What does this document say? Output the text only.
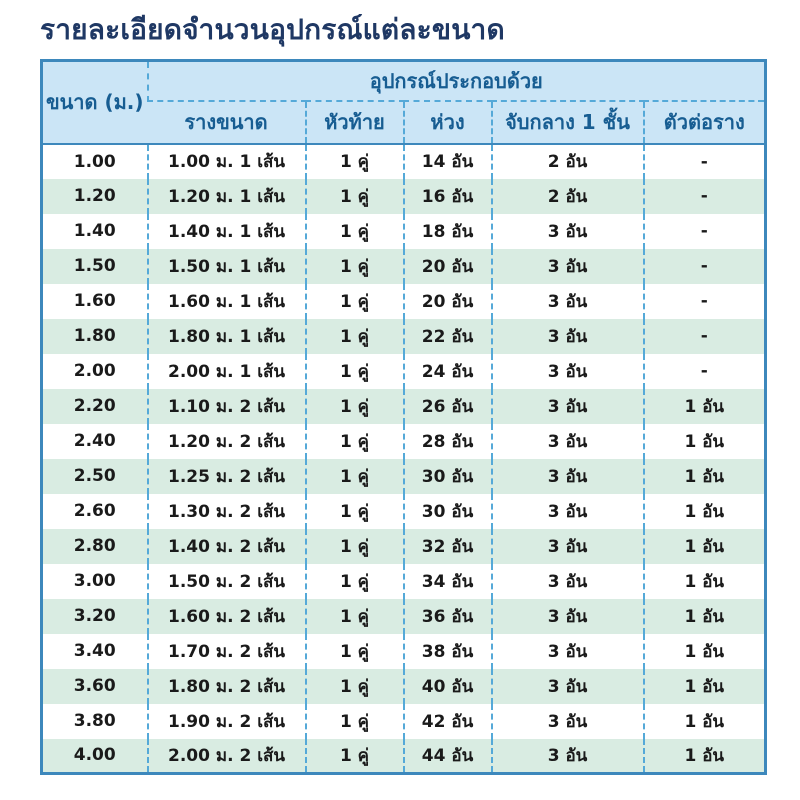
รายละเอียดจำนวนอุปกรณ์แต่ละขนาด
ขนาด (ม.)	อุปกรณ์ประกอบด้วย				
	รางขนาด	หัวท้าย	ห่วง	จับกลาง 1 ชั้น	ตัวต่อราง
1.00	1.00 ม. 1 เส้น	1 คู่	14 อัน	2 อัน	-
1.20	1.20 ม. 1 เส้น	1 คู่	16 อัน	2 อัน	-
1.40	1.40 ม. 1 เส้น	1 คู่	18 อัน	3 อัน	-
1.50	1.50 ม. 1 เส้น	1 คู่	20 อัน	3 อัน	-
1.60	1.60 ม. 1 เส้น	1 คู่	20 อัน	3 อัน	-
1.80	1.80 ม. 1 เส้น	1 คู่	22 อัน	3 อัน	-
2.00	2.00 ม. 1 เส้น	1 คู่	24 อัน	3 อัน	-
2.20	1.10 ม. 2 เส้น	1 คู่	26 อัน	3 อัน	1 อัน
2.40	1.20 ม. 2 เส้น	1 คู่	28 อัน	3 อัน	1 อัน
2.50	1.25 ม. 2 เส้น	1 คู่	30 อัน	3 อัน	1 อัน
2.60	1.30 ม. 2 เส้น	1 คู่	30 อัน	3 อัน	1 อัน
2.80	1.40 ม. 2 เส้น	1 คู่	32 อัน	3 อัน	1 อัน
3.00	1.50 ม. 2 เส้น	1 คู่	34 อัน	3 อัน	1 อัน
3.20	1.60 ม. 2 เส้น	1 คู่	36 อัน	3 อัน	1 อัน
3.40	1.70 ม. 2 เส้น	1 คู่	38 อัน	3 อัน	1 อัน
3.60	1.80 ม. 2 เส้น	1 คู่	40 อัน	3 อัน	1 อัน
3.80	1.90 ม. 2 เส้น	1 คู่	42 อัน	3 อัน	1 อัน
4.00	2.00 ม. 2 เส้น	1 คู่	44 อัน	3 อัน	1 อัน
